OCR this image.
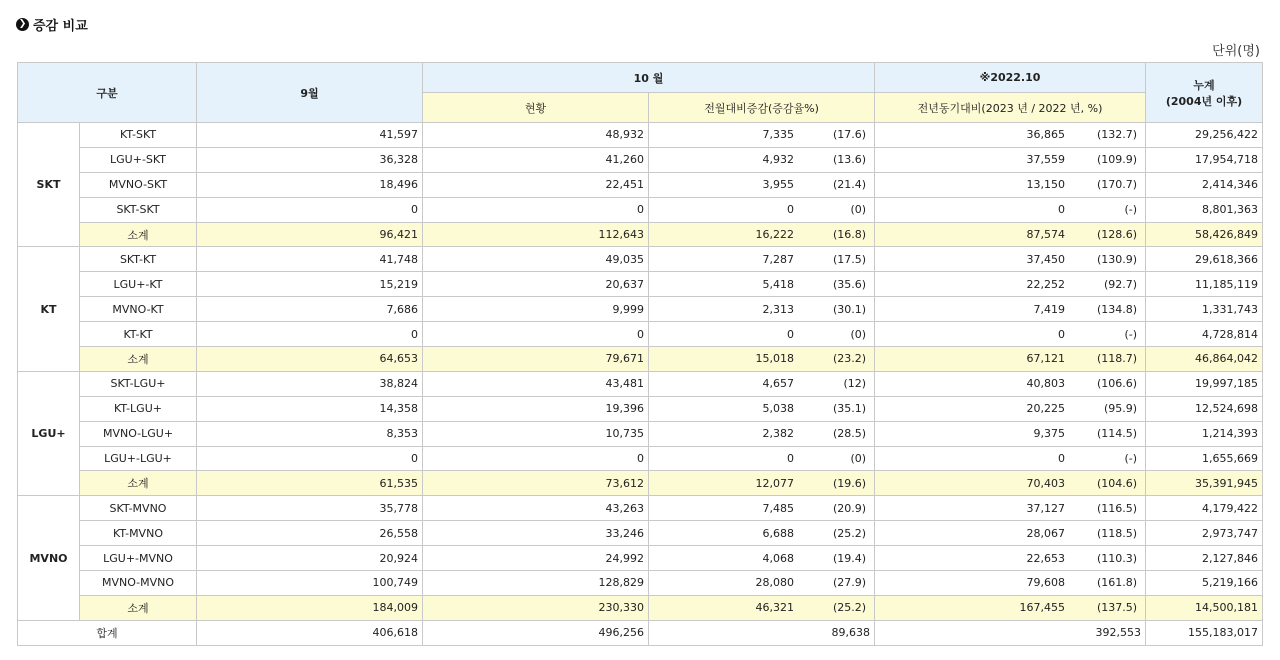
❯ 증감 비교
단위(명)
구분		9월	10 월		※2022.10	누계
(2004년 이후)

			현황	전월대비증감(증감율%)	전년동기대비(2023 년 / 2022 년, %)	
SKT	KT-SKT	41,597	48,932	7,335 (17.6)	36,865 (132.7)	29,256,422
	LGU+-SKT	36,328	41,260	4,932 (13.6)	37,559 (109.9)	17,954,718
	MVNO-SKT	18,496	22,451	3,955 (21.4)	13,150 (170.7)	2,414,346
	SKT-SKT	0	0	0 (0)	0 (-)	8,801,363
	소계	96,421	112,643	16,222 (16.8)	87,574 (128.6)	58,426,849
KT	SKT-KT	41,748	49,035	7,287 (17.5)	37,450 (130.9)	29,618,366
	LGU+-KT	15,219	20,637	5,418 (35.6)	22,252 (92.7)	11,185,119
	MVNO-KT	7,686	9,999	2,313 (30.1)	7,419 (134.8)	1,331,743
	KT-KT	0	0	0 (0)	0 (-)	4,728,814
	소계	64,653	79,671	15,018 (23.2)	67,121 (118.7)	46,864,042
LGU+	SKT-LGU+	38,824	43,481	4,657 (12)	40,803 (106.6)	19,997,185
	KT-LGU+	14,358	19,396	5,038 (35.1)	20,225 (95.9)	12,524,698
	MVNO-LGU+	8,353	10,735	2,382 (28.5)	9,375 (114.5)	1,214,393
	LGU+-LGU+	0	0	0 (0)	0 (-)	1,655,669
	소계	61,535	73,612	12,077 (19.6)	70,403 (104.6)	35,391,945
MVNO	SKT-MVNO	35,778	43,263	7,485 (20.9)	37,127 (116.5)	4,179,422
	KT-MVNO	26,558	33,246	6,688 (25.2)	28,067 (118.5)	2,973,747
	LGU+-MVNO	20,924	24,992	4,068 (19.4)	22,653 (110.3)	2,127,846
	MVNO-MVNO	100,749	128,829	28,080 (27.9)	79,608 (161.8)	5,219,166
	소계	184,009	230,330	46,321 (25.2)	167,455 (137.5)	14,500,181
합계		406,618	496,256	89,638	392,553	155,183,017
